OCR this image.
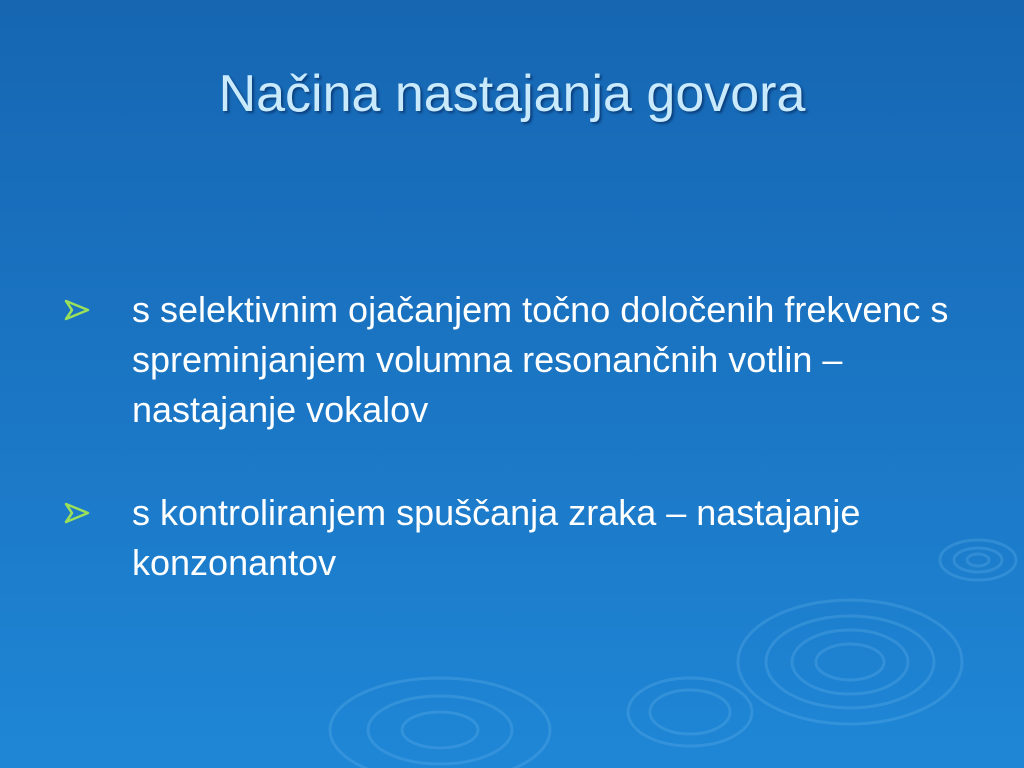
Načina nastajanja govora
s selektivnim ojačanjem točno določenih frekvenc s spreminjanjem volumna resonančnih votlin – nastajanje vokalov
s kontroliranjem spuščanja zraka – nastajanje konzonantov
